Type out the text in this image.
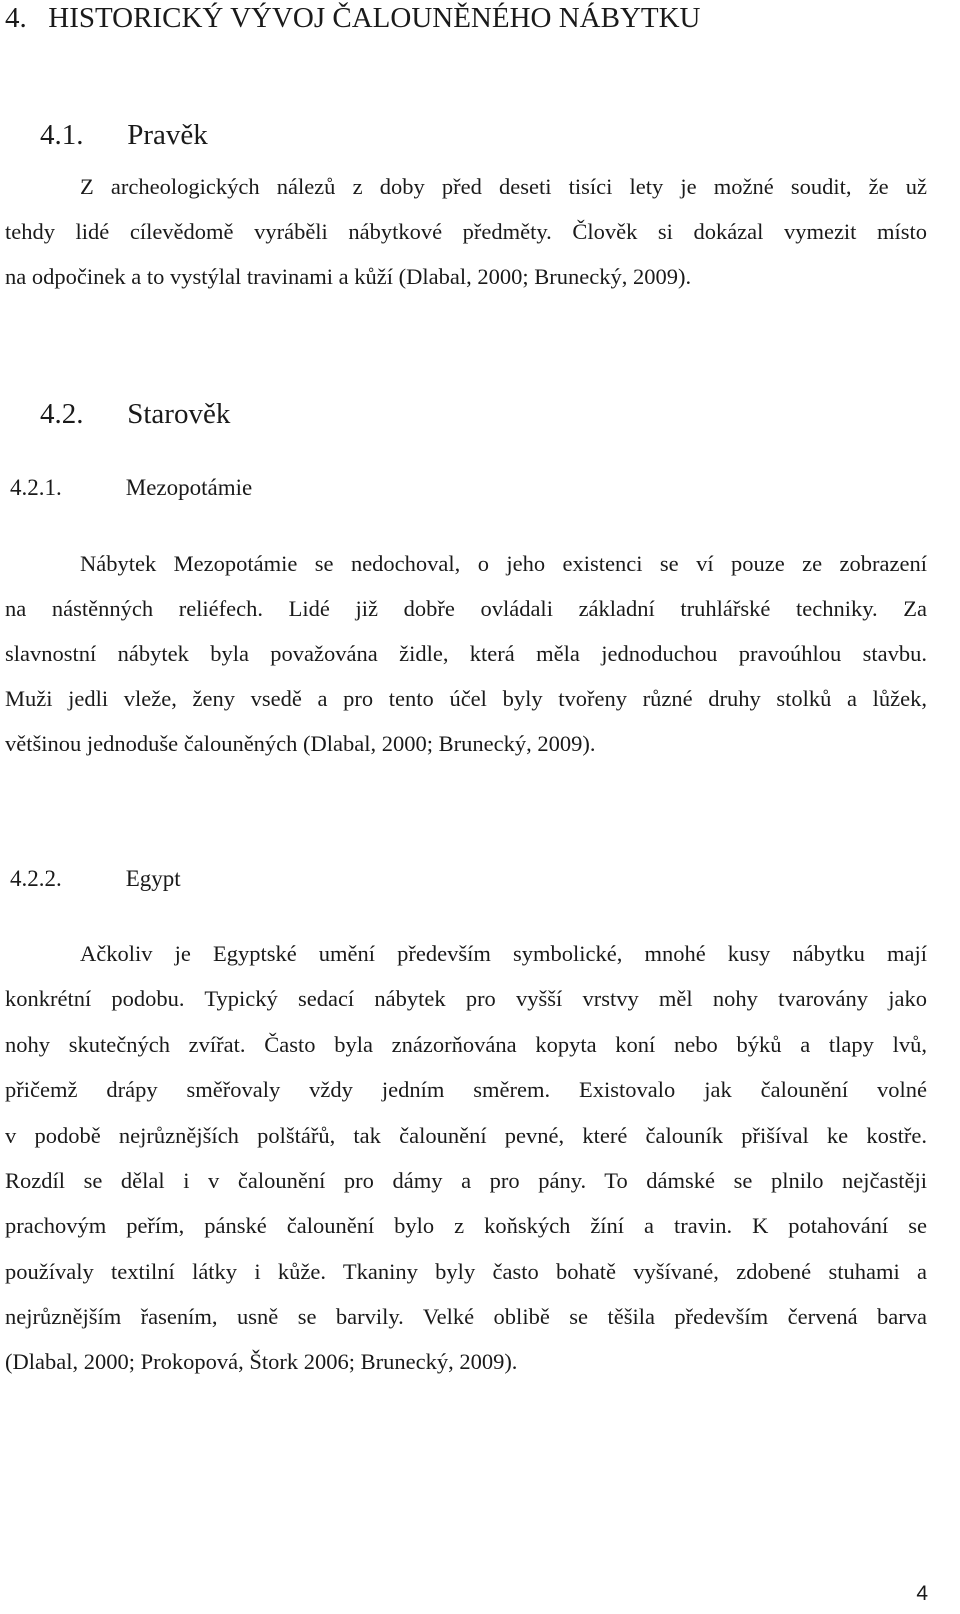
4. HISTORICKÝ VÝVOJ ČALOUNĚNÉHO NÁBYTKU
4.1. Pravěk
Z archeologických nálezů z doby před deseti tisíci lety je možné soudit, že už
tehdy lidé cílevědomě vyráběli nábytkové předměty. Člověk si dokázal vymezit místo
na odpočinek a to vystýlal travinami a kůží (Dlabal, 2000; Brunecký, 2009).
4.2. Starověk
4.2.1.	Mezopotámie
Nábytek Mezopotámie se nedochoval, o jeho existenci se ví pouze ze zobrazení
na nástěnných reliéfech. Lidé již dobře ovládali základní truhlářské techniky. Za
slavnostní nábytek byla považována židle, která měla jednoduchou pravoúhlou stavbu.
Muži jedli vleže, ženy vsedě a pro tento účel byly tvořeny různé druhy stolků a lůžek,
většinou jednoduše čalouněných (Dlabal, 2000; Brunecký, 2009).
4.2.2.	Egypt
Ačkoliv je Egyptské umění především symbolické, mnohé kusy nábytku mají
konkrétní podobu. Typický sedací nábytek pro vyšší vrstvy měl nohy tvarovány jako
nohy skutečných zvířat. Často byla znázorňována kopyta koní nebo býků a tlapy lvů,
přičemž drápy směřovaly vždy jedním směrem. Existovalo jak čalounění volné
v podobě nejrůznějších polštářů, tak čalounění pevné, které čalouník přišíval ke kostře.
Rozdíl se dělal i v čalounění pro dámy a pro pány. To dámské se plnilo nejčastěji
prachovým peřím, pánské čalounění bylo z koňských žíní a travin. K potahování se
používaly textilní látky i kůže. Tkaniny byly často bohatě vyšívané, zdobené stuhami a
nejrůznějším řasením, usně se barvily. Velké oblibě se těšila především červená barva
(Dlabal, 2000; Prokopová, Štork 2006; Brunecký, 2009).
4
